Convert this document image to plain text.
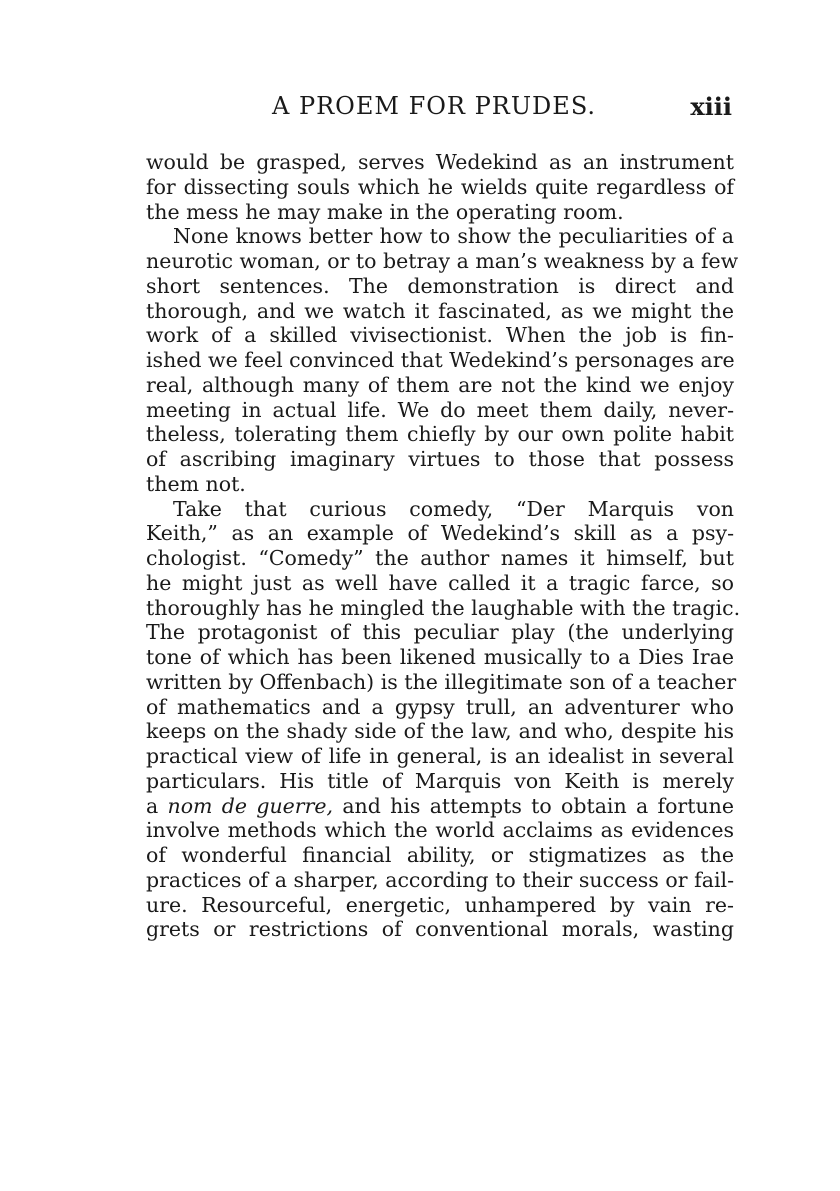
A PROEM FOR PRUDES.	xiii
would be grasped, serves Wedekind as an instrument
for dissecting souls which he wields quite regardless of
the mess he may make in the operating room.
None knows better how to show the peculiarities of a
neurotic woman, or to betray a man’s weakness by a few
short sentences. The demonstration is direct and
thorough, and we watch it fascinated, as we might the
work of a skilled vivisectionist. When the job is fin-
ished we feel convinced that Wedekind’s personages are
real, although many of them are not the kind we enjoy
meeting in actual life. We do meet them daily, never-
theless, tolerating them chiefly by our own polite habit
of ascribing imaginary virtues to those that possess
them not.
Take that curious comedy, “Der Marquis von
Keith,” as an example of Wedekind’s skill as a psy-
chologist. “Comedy” the author names it himself, but
he might just as well have called it a tragic farce, so
thoroughly has he mingled the laughable with the tragic.
The protagonist of this peculiar play (the underlying
tone of which has been likened musically to a Dies Irae
written by Offenbach) is the illegitimate son of a teacher
of mathematics and a gypsy trull, an adventurer who
keeps on the shady side of the law, and who, despite his
practical view of life in general, is an idealist in several
particulars. His title of Marquis von Keith is merely
a nom de guerre, and his attempts to obtain a fortune
involve methods which the world acclaims as evidences
of wonderful financial ability, or stigmatizes as the
practices of a sharper, according to their success or fail-
ure. Resourceful, energetic, unhampered by vain re-
grets or restrictions of conventional morals, wasting
